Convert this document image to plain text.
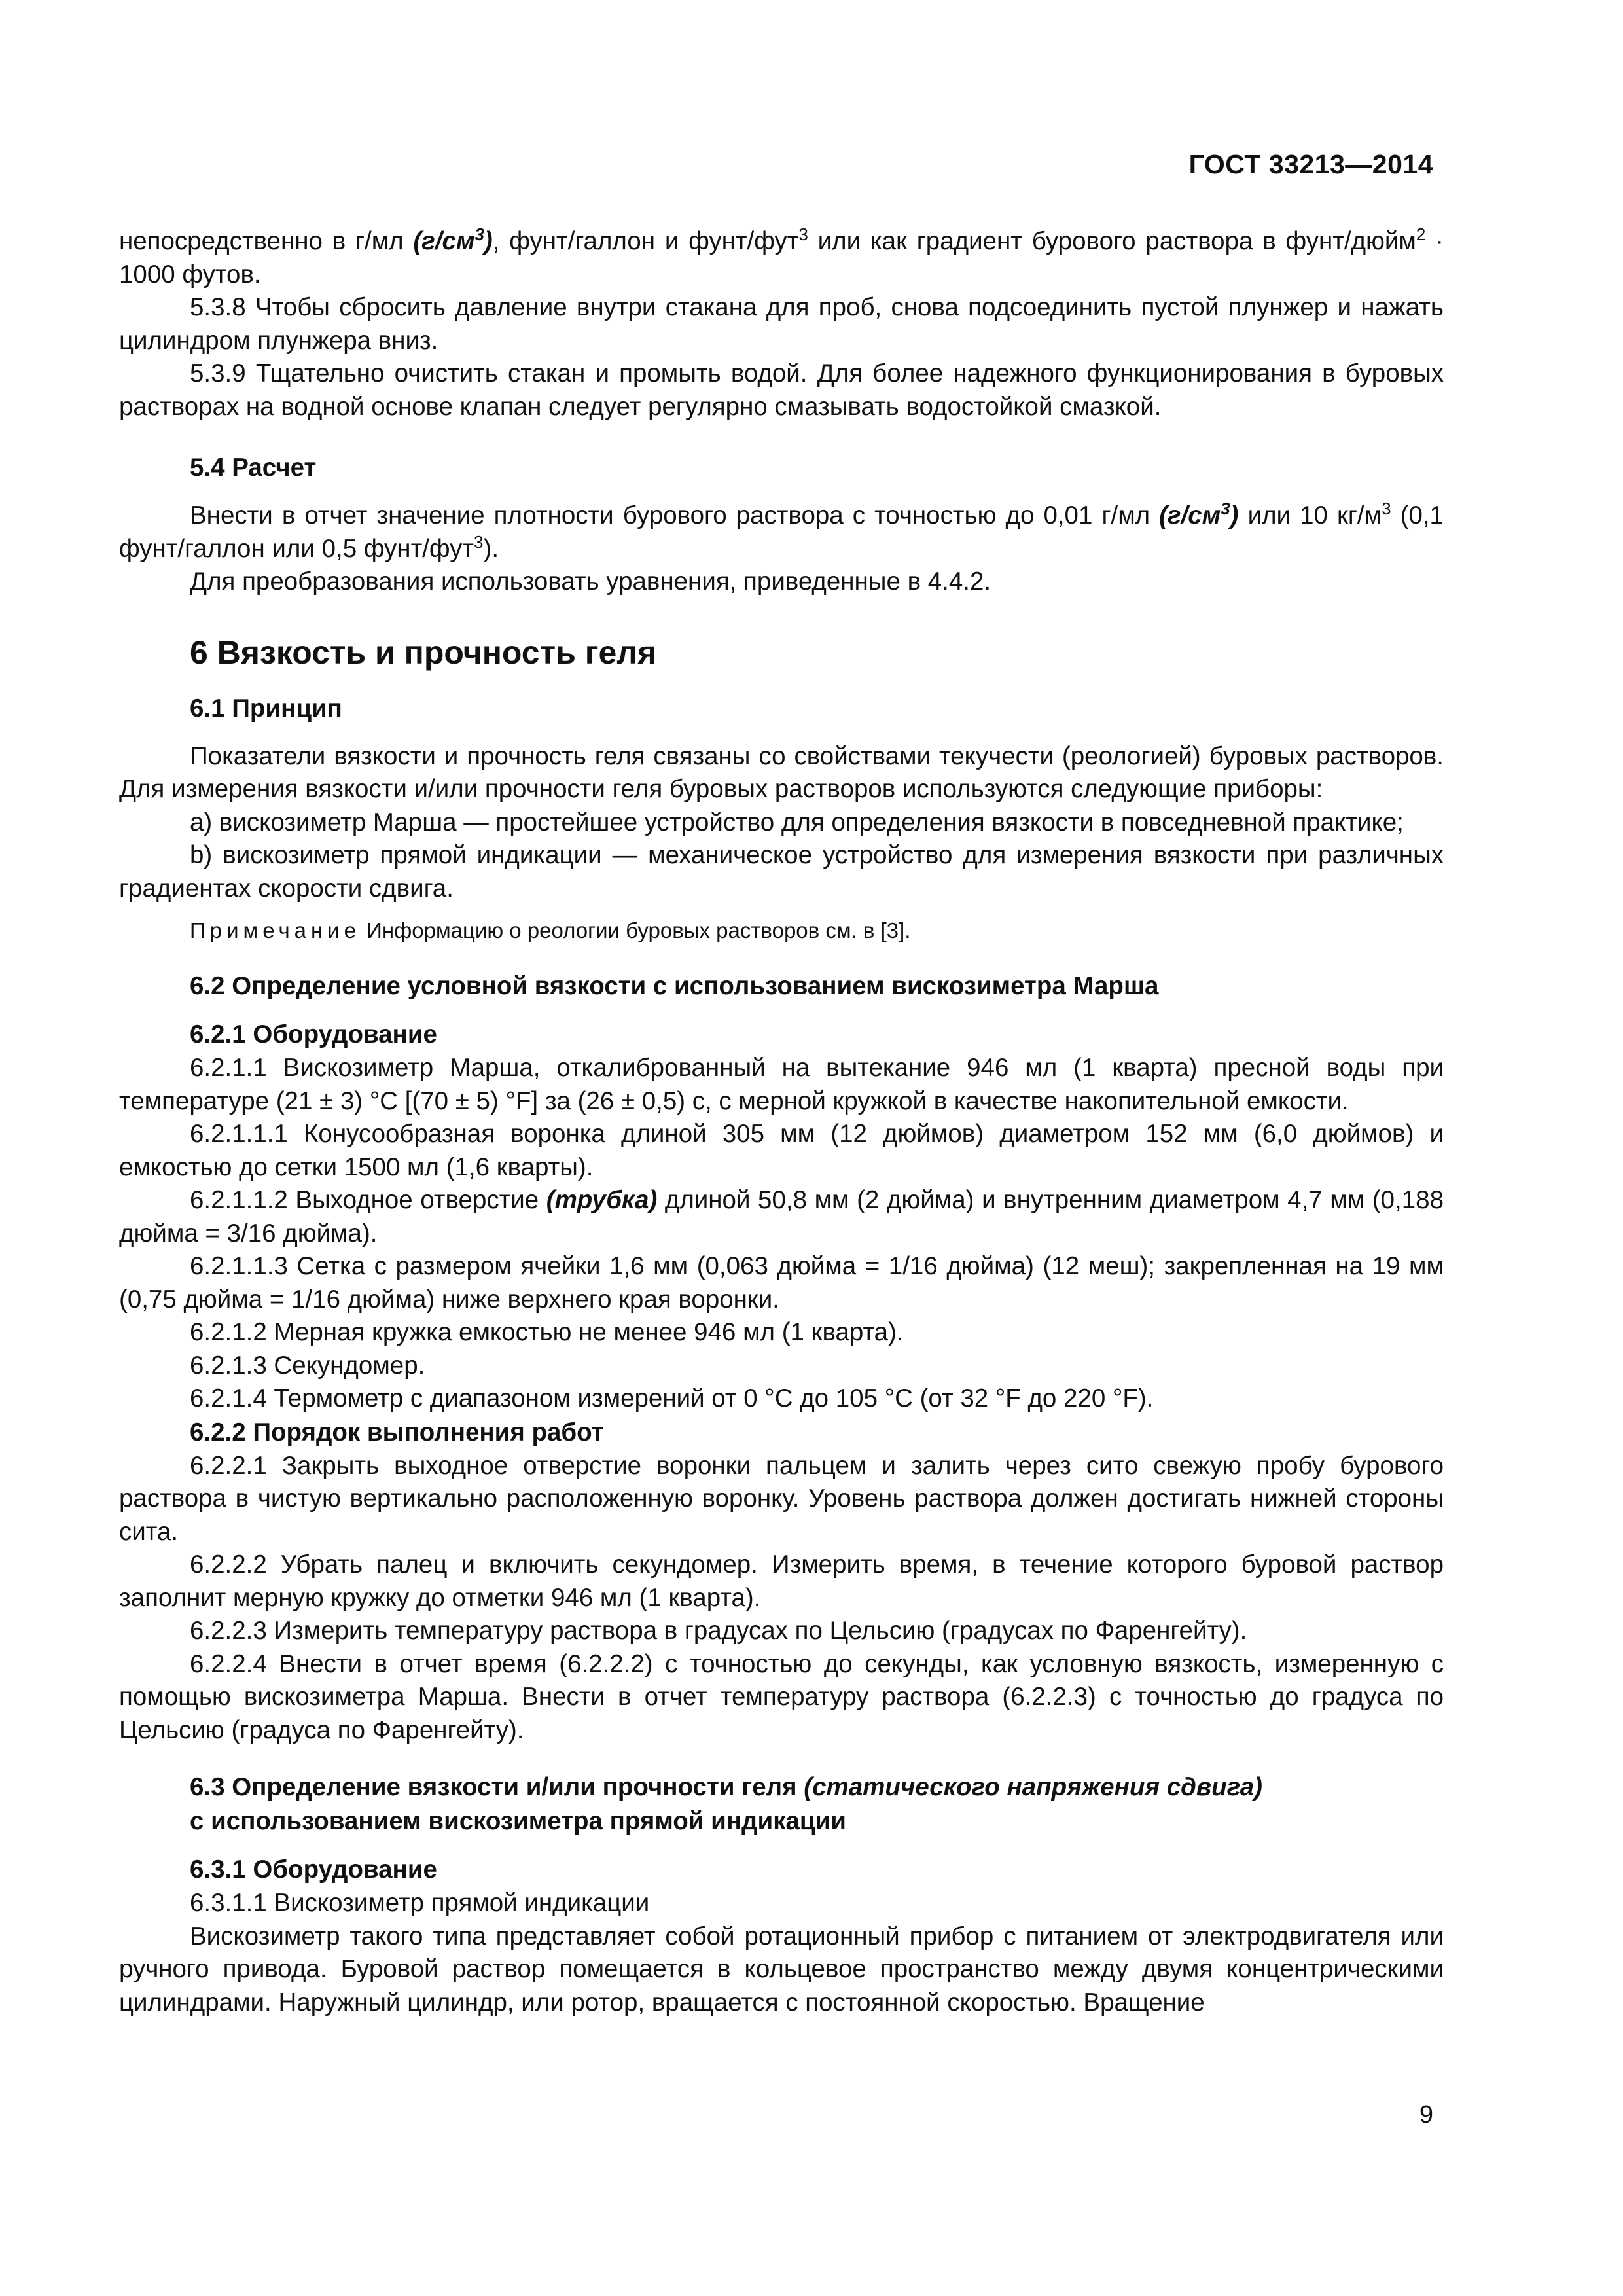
ГОСТ 33213—2014

непосредственно в г/мл $(г/см^3)$, фунт/галлон и фунт/фут$^3$ или как градиент бурового раствора в фунт/дюйм$^2$ · 1000 футов.

5.3.8 Чтобы сбросить давление внутри стакана для проб, снова подсоединить пустой плунжер и нажать цилиндром плунжера вниз.

5.3.9 Тщательно очистить стакан и промыть водой. Для более надежного функционирования в буровых растворах на водной основе клапан следует регулярно смазывать водостойкой смазкой.

5.4 Расчет

Внести в отчет значение плотности бурового раствора с точностью до 0,01 г/мл $(г/см^3)$ или 10 $кг/м^3$ (0,1 фунт/галлон или 0,5 фунт/фут$^3$).

Для преобразования использовать уравнения, приведенные в 4.4.2.

6 Вязкость и прочность геля
6.1 Принцип

Показатели вязкости и прочность геля связаны со свойствами текучести (реологией) буровых растворов. Для измерения вязкости и/или прочности геля буровых растворов используются следующие приборы:

a) вискозиметр Марша — простейшее устройство для определения вязкости в повседневной практике;

b) вискозиметр прямой индикации — механическое устройство для измерения вязкости при различных градиентах скорости сдвига.

Примечание Информацию о реологии буровых растворов см. в [3].
6.2 Определение условной вязкости с использованием вискозиметра Марша
6.2.1 Оборудование

6.2.1.1 Вискозиметр Марша, откалиброванный на вытекание 946 мл (1 кварта) пресной воды при температуре (21 ± 3) °C [(70 ± 5) °F] за (26 ± 0,5) с, с мерной кружкой в качестве накопительной емкости.

6.2.1.1.1 Конусообразная воронка длиной 305 мм (12 дюймов) диаметром 152 мм (6,0 дюймов) и емкостью до сетки 1500 мл (1,6 кварты).

6.2.1.1.2 Выходное отверстие (трубка) длиной 50,8 мм (2 дюйма) и внутренним диаметром 4,7 мм (0,188 дюйма = 3/16 дюйма).

6.2.1.1.3 Сетка с размером ячейки 1,6 мм (0,063 дюйма = 1/16 дюйма) (12 меш); закрепленная на 19 мм (0,75 дюйма = 1/16 дюйма) ниже верхнего края воронки.

6.2.1.2 Мерная кружка емкостью не менее 946 мл (1 кварта).

6.2.1.3 Секундомер.

6.2.1.4 Термометр с диапазоном измерений от 0 °C до 105 °C (от 32 °F до 220 °F).

6.2.2 Порядок выполнения работ

6.2.2.1 Закрыть выходное отверстие воронки пальцем и залить через сито свежую пробу бурового раствора в чистую вертикально расположенную воронку. Уровень раствора должен достигать нижней стороны сита.

6.2.2.2 Убрать палец и включить секундомер. Измерить время, в течение которого буровой раствор заполнит мерную кружку до отметки 946 мл (1 кварта).

6.2.2.3 Измерить температуру раствора в градусах по Цельсию (градусах по Фаренгейту).

6.2.2.4 Внести в отчет время (6.2.2.2) с точностью до секунды, как условную вязкость, измеренную с помощью вискозиметра Марша. Внести в отчет температуру раствора (6.2.2.3) с точностью до градуса по Цельсию (градуса по Фаренгейту).

6.3 Определение вязкости и/или прочности геля (статического напряжения сдвига)
с использованием вискозиметра прямой индикации
6.3.1 Оборудование

6.3.1.1 Вискозиметр прямой индикации

Вискозиметр такого типа представляет собой ротационный прибор с питанием от электродвигателя или ручного привода. Буровой раствор помещается в кольцевое пространство между двумя концентрическими цилиндрами. Наружный цилиндр, или ротор, вращается с постоянной скоростью. Вращение

9
